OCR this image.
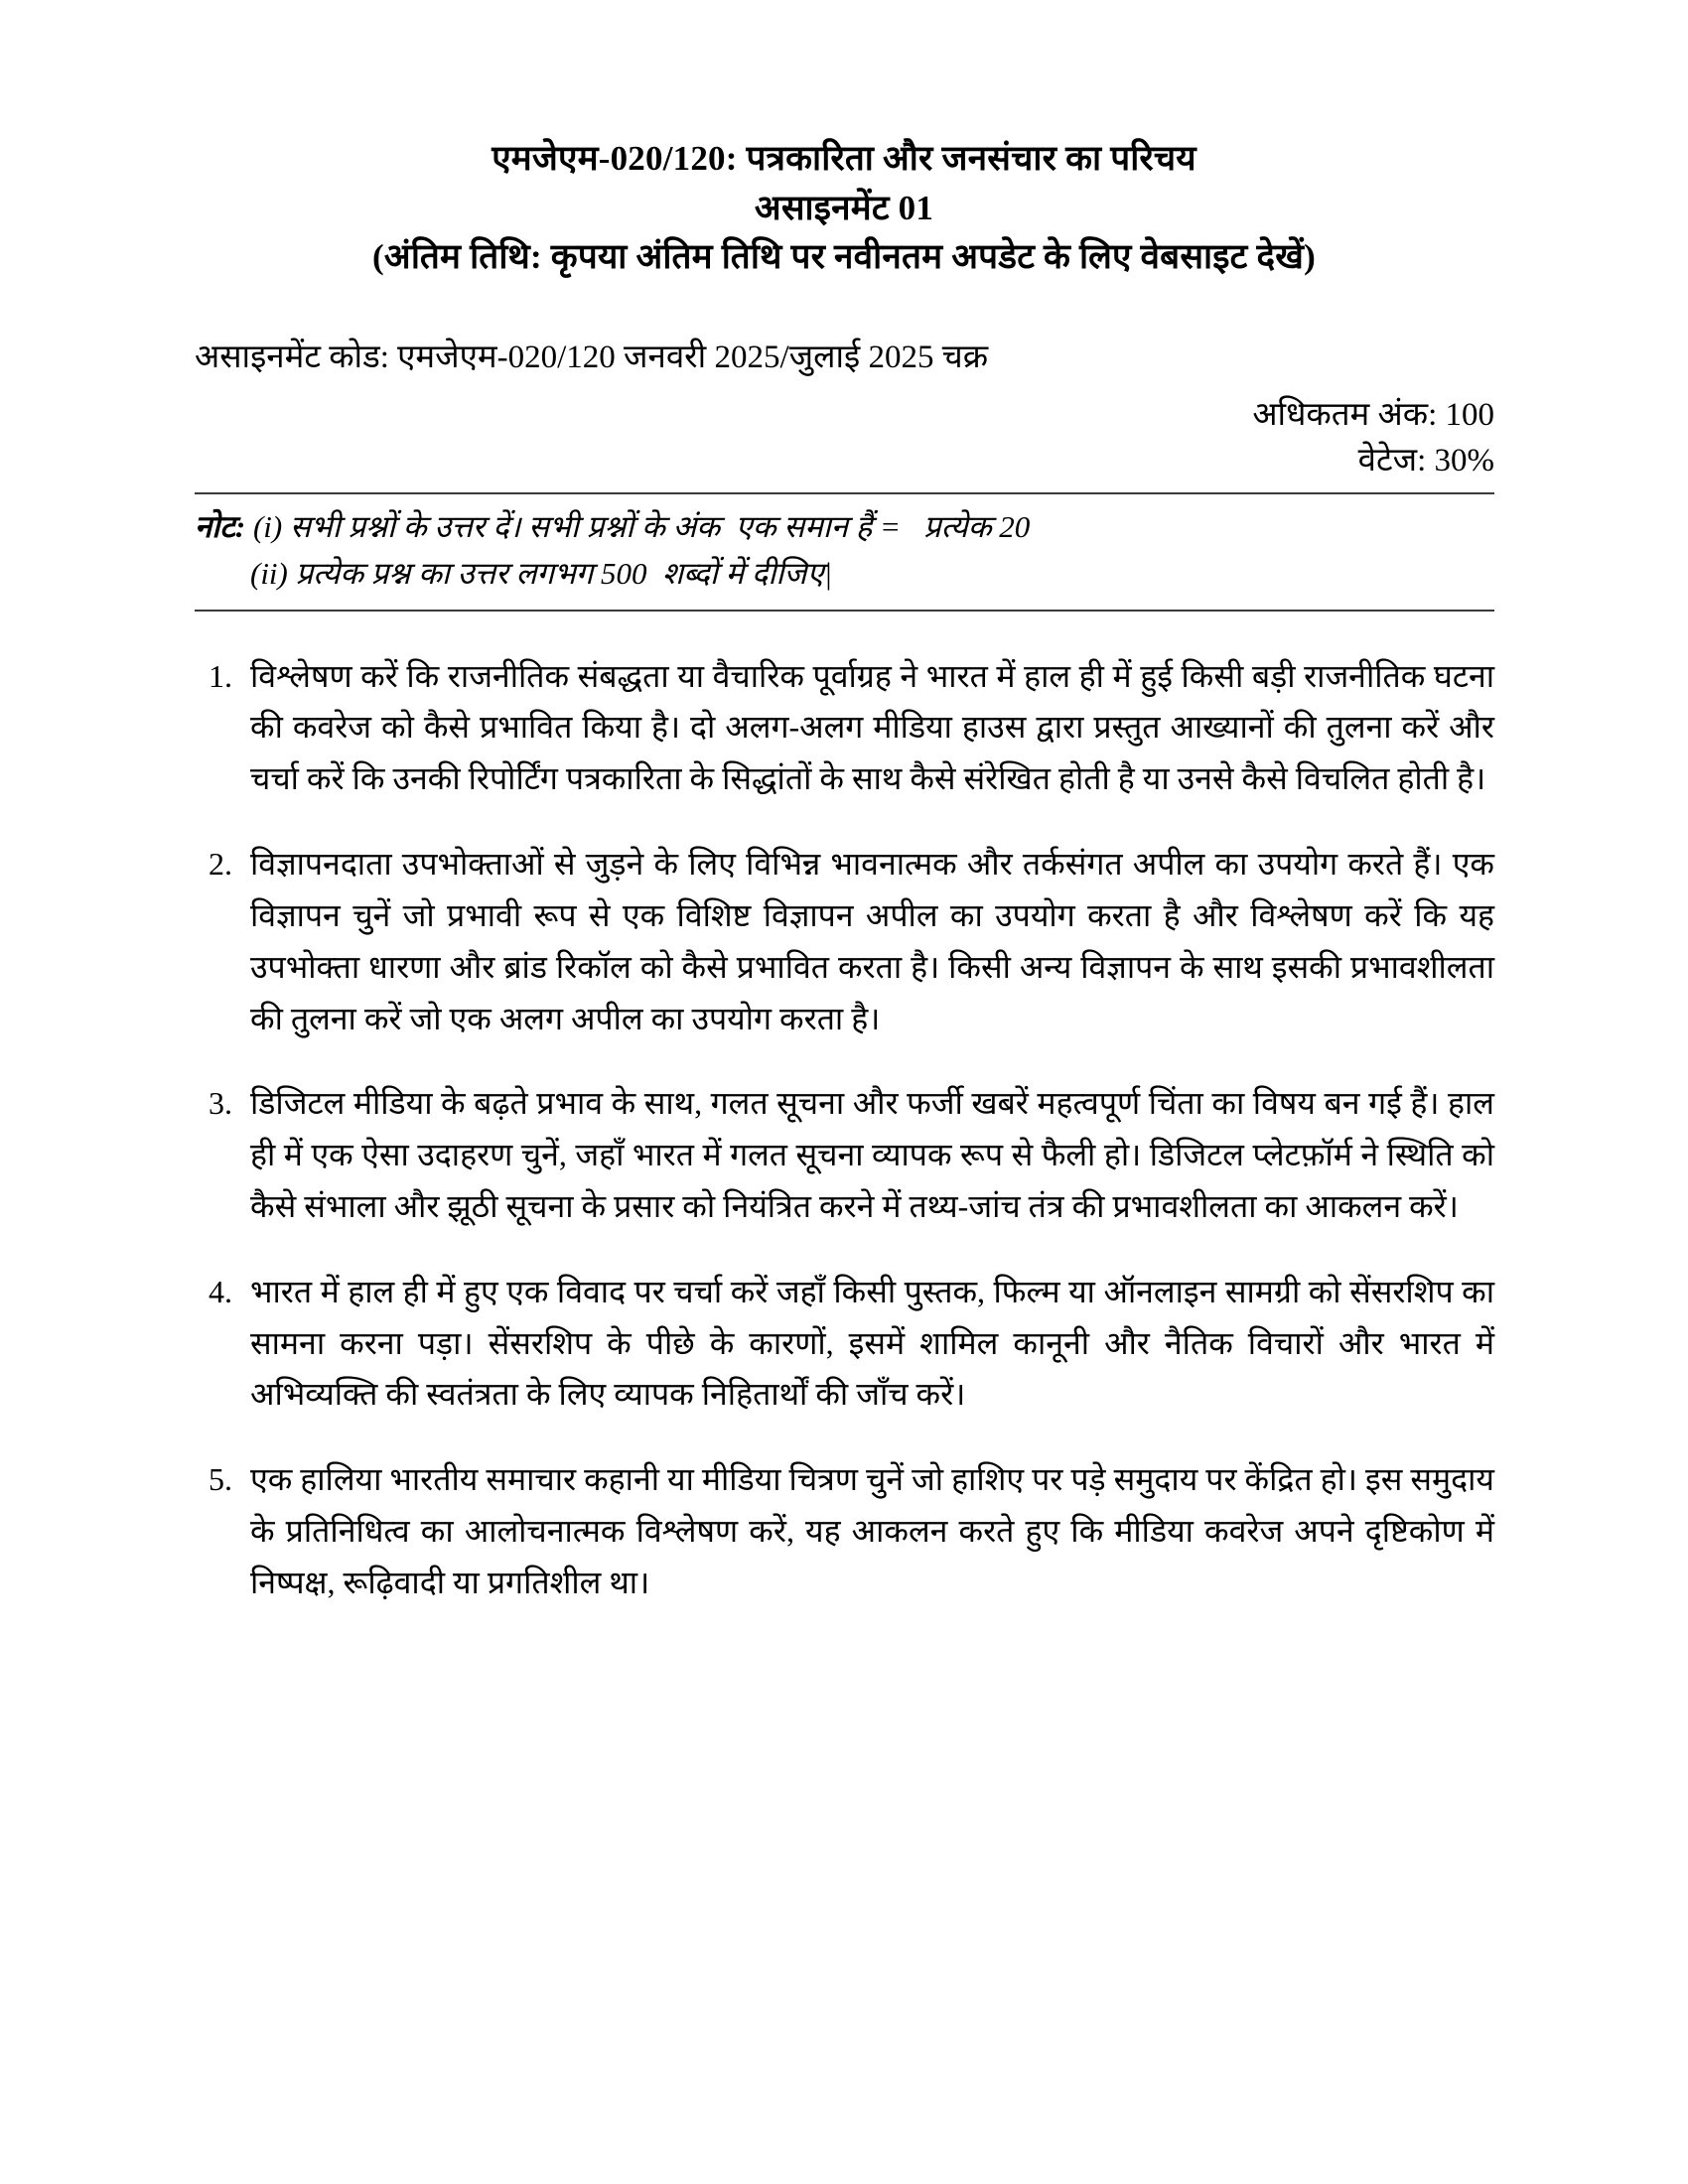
एमजेएम-020/120: पत्रकारिता और जनसंचार का परिचय
असाइनमेंट 01
(अंतिम तिथि: कृपया अंतिम तिथि पर नवीनतम अपडेट के लिए वेबसाइट देखें)
असाइनमेंट कोड: एमजेएम-020/120 जनवरी 2025/जुलाई 2025 चक्र
अधिकतम अंक: 100
वेटेज: 30%
नोट: (i) सभी प्रश्नों के उत्तर दें। सभी प्रश्नों के अंक  एक समान हैं =   प्रत्येक 20
(ii) प्रत्येक प्रश्न का उत्तर लगभग 500  शब्दों में दीजिए|
1. विश्लेषण करें कि राजनीतिक संबद्धता या वैचारिक पूर्वाग्रह ने भारत में हाल ही में हुई किसी बड़ी राजनीतिक घटना की कवरेज को कैसे प्रभावित किया है। दो अलग-अलग मीडिया हाउस द्वारा प्रस्तुत आख्यानों की तुलना करें और चर्चा करें कि उनकी रिपोर्टिंग पत्रकारिता के सिद्धांतों के साथ कैसे संरेखित होती है या उनसे कैसे विचलित होती है।
2. विज्ञापनदाता उपभोक्ताओं से जुड़ने के लिए विभिन्न भावनात्मक और तर्कसंगत अपील का उपयोग करते हैं। एक विज्ञापन चुनें जो प्रभावी रूप से एक विशिष्ट विज्ञापन अपील का उपयोग करता है और विश्लेषण करें कि यह उपभोक्ता धारणा और ब्रांड रिकॉल को कैसे प्रभावित करता है। किसी अन्य विज्ञापन के साथ इसकी प्रभावशीलता की तुलना करें जो एक अलग अपील का उपयोग करता है।
3. डिजिटल मीडिया के बढ़ते प्रभाव के साथ, गलत सूचना और फर्जी खबरें महत्वपूर्ण चिंता का विषय बन गई हैं। हाल ही में एक ऐसा उदाहरण चुनें, जहाँ भारत में गलत सूचना व्यापक रूप से फैली हो। डिजिटल प्लेटफ़ॉर्म ने स्थिति को कैसे संभाला और झूठी सूचना के प्रसार को नियंत्रित करने में तथ्य-जांच तंत्र की प्रभावशीलता का आकलन करें।
4. भारत में हाल ही में हुए एक विवाद पर चर्चा करें जहाँ किसी पुस्तक, फिल्म या ऑनलाइन सामग्री को सेंसरशिप का सामना करना पड़ा। सेंसरशिप के पीछे के कारणों, इसमें शामिल कानूनी और नैतिक विचारों और भारत में अभिव्यक्ति की स्वतंत्रता के लिए व्यापक निहितार्थों की जाँच करें।
5. एक हालिया भारतीय समाचार कहानी या मीडिया चित्रण चुनें जो हाशिए पर पड़े समुदाय पर केंद्रित हो। इस समुदाय के प्रतिनिधित्व का आलोचनात्मक विश्लेषण करें, यह आकलन करते हुए कि मीडिया कवरेज अपने दृष्टिकोण में निष्पक्ष, रूढ़िवादी या प्रगतिशील था।
